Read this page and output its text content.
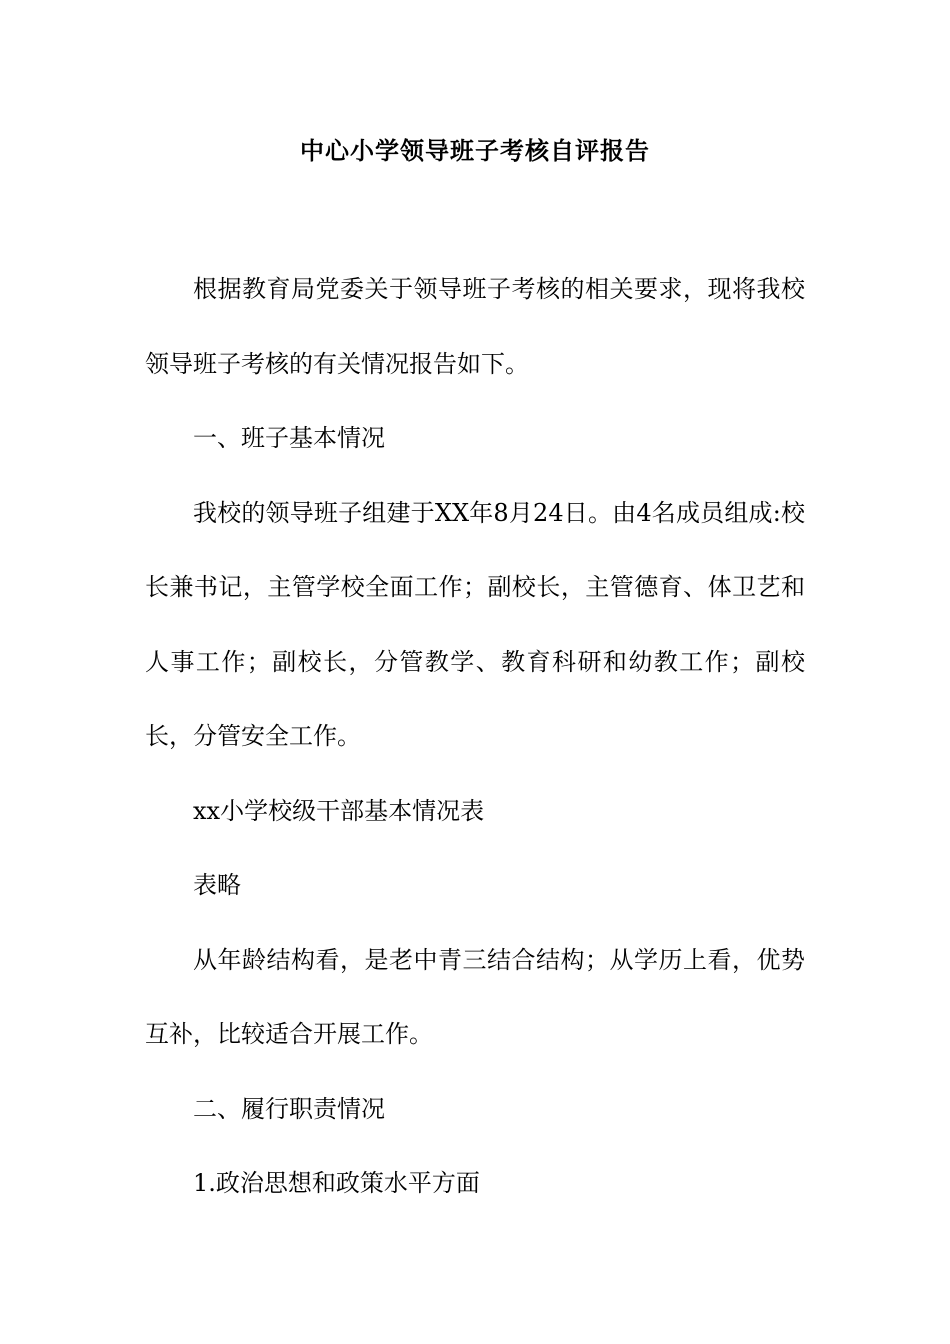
中心小学领导班子考核自评报告

根据教育局党委关于领导班子考核的相关要求，现将我校领导班子考核的有关情况报告如下。

一、班子基本情况

我校的领导班子组建于XX年8月24日。由4名成员组成:校长兼书记，主管学校全面工作；副校长，主管德育、体卫艺和人事工作；副校长，分管教学、教育科研和幼教工作；副校长，分管安全工作。

xx小学校级干部基本情况表

表略

从年龄结构看，是老中青三结合结构；从学历上看，优势互补，比较适合开展工作。

二、履行职责情况

1.政治思想和政策水平方面
